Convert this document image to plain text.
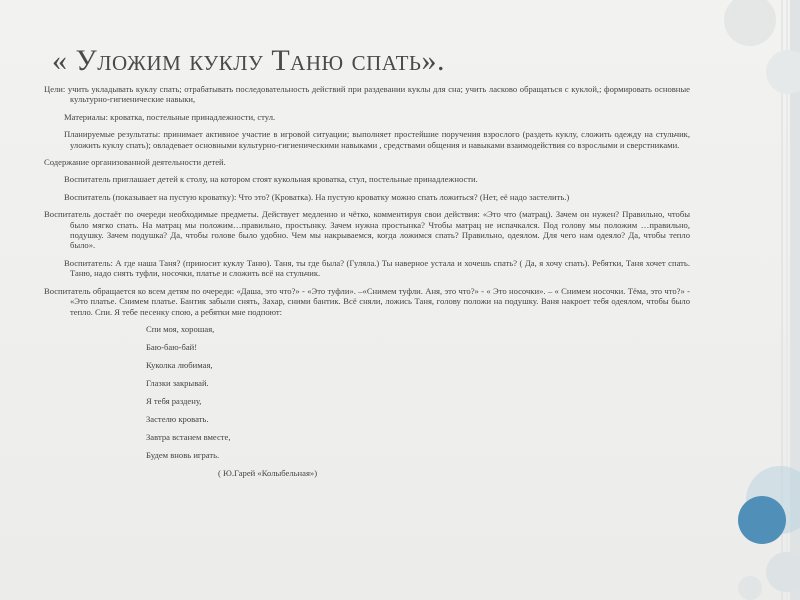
« Уложим куклу Таню спать».

Цели: учить укладывать куклу спать; отрабатывать последовательность действий при раздевании куклы для сна; учить ласково обращаться с куклой,; формировать основные культурно-гигиенические навыки,

Материалы: кроватка, постельные принадлежности, стул.

Планируемые результаты: принимает активное участие в игровой ситуации; выполняет простейшие поручения взрослого (раздеть куклу, сложить одежду на стульчик, уложить куклу спать); овладевает основными культурно-гигиеническими навыками , средствами общения и навыками взаимодействия со взрослыми и сверстниками.

Содержание организованной деятельности детей.

Воспитатель приглашает детей к столу, на котором стоят кукольная кроватка, стул, постельные принадлежности.

Воспитатель (показывает на пустую кроватку): Что это? (Кроватка). На пустую кроватку можно спать ложиться? (Нет, её надо застелить.)

Воспитатель достаёт по очереди необходимые предметы. Действует медленно и чётко, комментируя свои действия: «Это что (матрац). Зачем он нужен? Правильно, чтобы было мягко спать. На матрац мы положим…правильно, простынку. Зачем нужна простынка? Чтобы матрац не испачкался. Под голову мы положим …правильно, подушку. Зачем подушка? Да, чтобы голове было удобно. Чем мы накрываемся, когда ложимся спать? Правильно, одеялом. Для чего нам одеяло? Да, чтобы тепло было».

Воспитатель: А где наша Таня? (приносит куклу Таню). Таня, ты где была? (Гуляла.) Ты наверное устала и хочешь спать? ( Да, я хочу спать). Ребятки, Таня хочет спать. Таню, надо снять туфли, носочки, платье и сложить всё на стульчик.

Воспитатель обращается ко всем детям по очереди: «Даша, это что?» - «Это туфли». –«Снимем туфли. Аня, это что?» - « Это носочки». – « Снимем носочки. Тёма, это что?» - «Это платье. Снимем платье. Бантик забыли снять, Захар, сними бантик. Всё сняли, ложись Таня, голову положи на подушку. Ваня накроет тебя одеялом, чтобы было тепло. Спи. Я тебе песенку спою, а ребятки мне подпоют:

Спи моя, хорошая,
Баю-баю-бай!
Куколка любимая,
Глазки закрывай.
Я тебя раздену,
Застелю кровать.
Завтра встанем вместе,
Будем вновь играть.
( Ю.Гарей «Колыбельная»)
